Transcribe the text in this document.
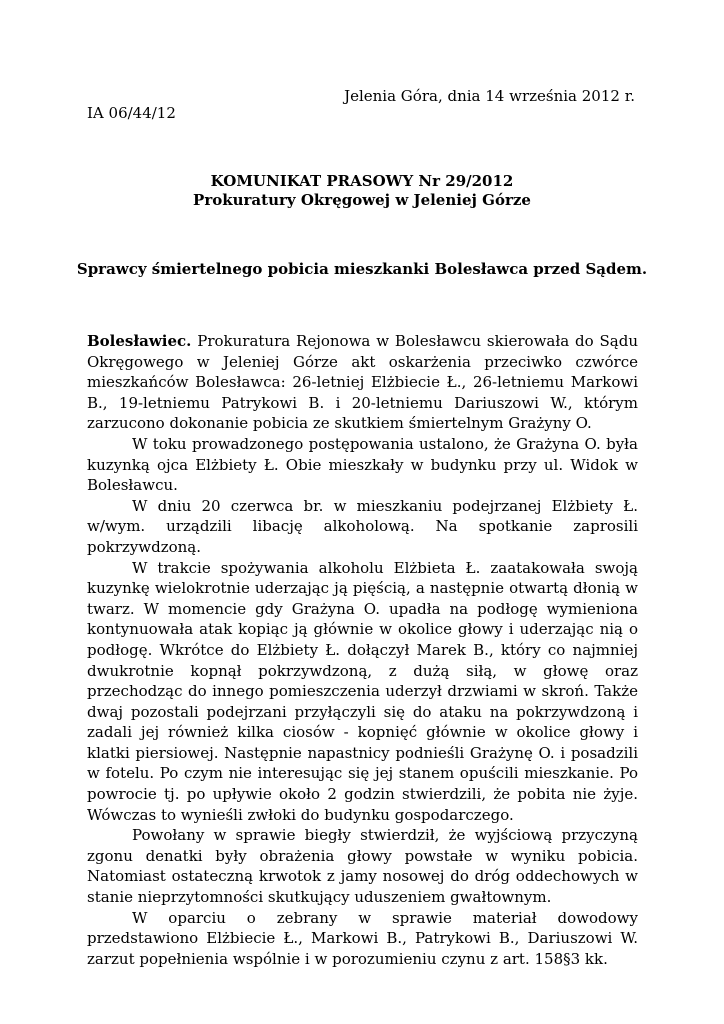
Jelenia Góra, dnia 14 września 2012 r.
IA 06/44/12
KOMUNIKAT PRASOWY Nr 29/2012
Prokuratury Okręgowej w Jeleniej Górze
Sprawcy śmiertelnego pobicia mieszkanki Bolesławca przed Sądem.

Bolesławiec. Prokuratura Rejonowa w Bolesławcu skierowała do Sądu Okręgowego w Jeleniej Górze akt oskarżenia przeciwko czwórce mieszkańców Bolesławca: 26-letniej Elżbiecie Ł., 26-letniemu Markowi B., 19-letniemu Patrykowi B. i 20-letniemu Dariuszowi W., którym zarzucono dokonanie pobicia ze skutkiem śmiertelnym Grażyny O.

W toku prowadzonego postępowania ustalono, że Grażyna O. była kuzynką ojca Elżbiety Ł. Obie mieszkały w budynku przy ul. Widok w Bolesławcu.

W dniu 20 czerwca br. w mieszkaniu podejrzanej Elżbiety Ł. w/wym. urządzili libację alkoholową. Na spotkanie zaprosili pokrzywdzoną.

W trakcie spożywania alkoholu Elżbieta Ł. zaatakowała swoją kuzynkę wielokrotnie uderzając ją pięścią, a następnie otwartą dłonią w twarz. W momencie gdy Grażyna O. upadła na podłogę wymieniona kontynuowała atak kopiąc ją głównie w okolice głowy i uderzając nią o podłogę. Wkrótce do Elżbiety Ł. dołączył Marek B., który co najmniej dwukrotnie kopnął pokrzywdzoną, z dużą siłą, w głowę oraz przechodząc do innego pomieszczenia uderzył drzwiami w skroń. Także dwaj pozostali podejrzani przyłączyli się do ataku na pokrzywdzoną i zadali jej również kilka ciosów - kopnięć głównie w okolice głowy i klatki piersiowej. Następnie napastnicy podnieśli Grażynę O. i posadzili w fotelu. Po czym nie interesując się jej stanem opuścili mieszkanie. Po powrocie tj. po upływie około 2 godzin stwierdzili, że pobita nie żyje. Wówczas to wynieśli zwłoki do budynku gospodarczego.

Powołany w sprawie biegły stwierdził, że wyjściową przyczyną zgonu denatki były obrażenia głowy powstałe w wyniku pobicia. Natomiast ostateczną krwotok z jamy nosowej do dróg oddechowych w stanie nieprzytomności skutkujący uduszeniem gwałtownym.

W oparciu o zebrany w sprawie materiał dowodowy przedstawiono Elżbiecie Ł., Markowi B., Patrykowi B., Dariuszowi W. zarzut popełnienia wspólnie i w porozumieniu czynu z art. 158§3 kk.
